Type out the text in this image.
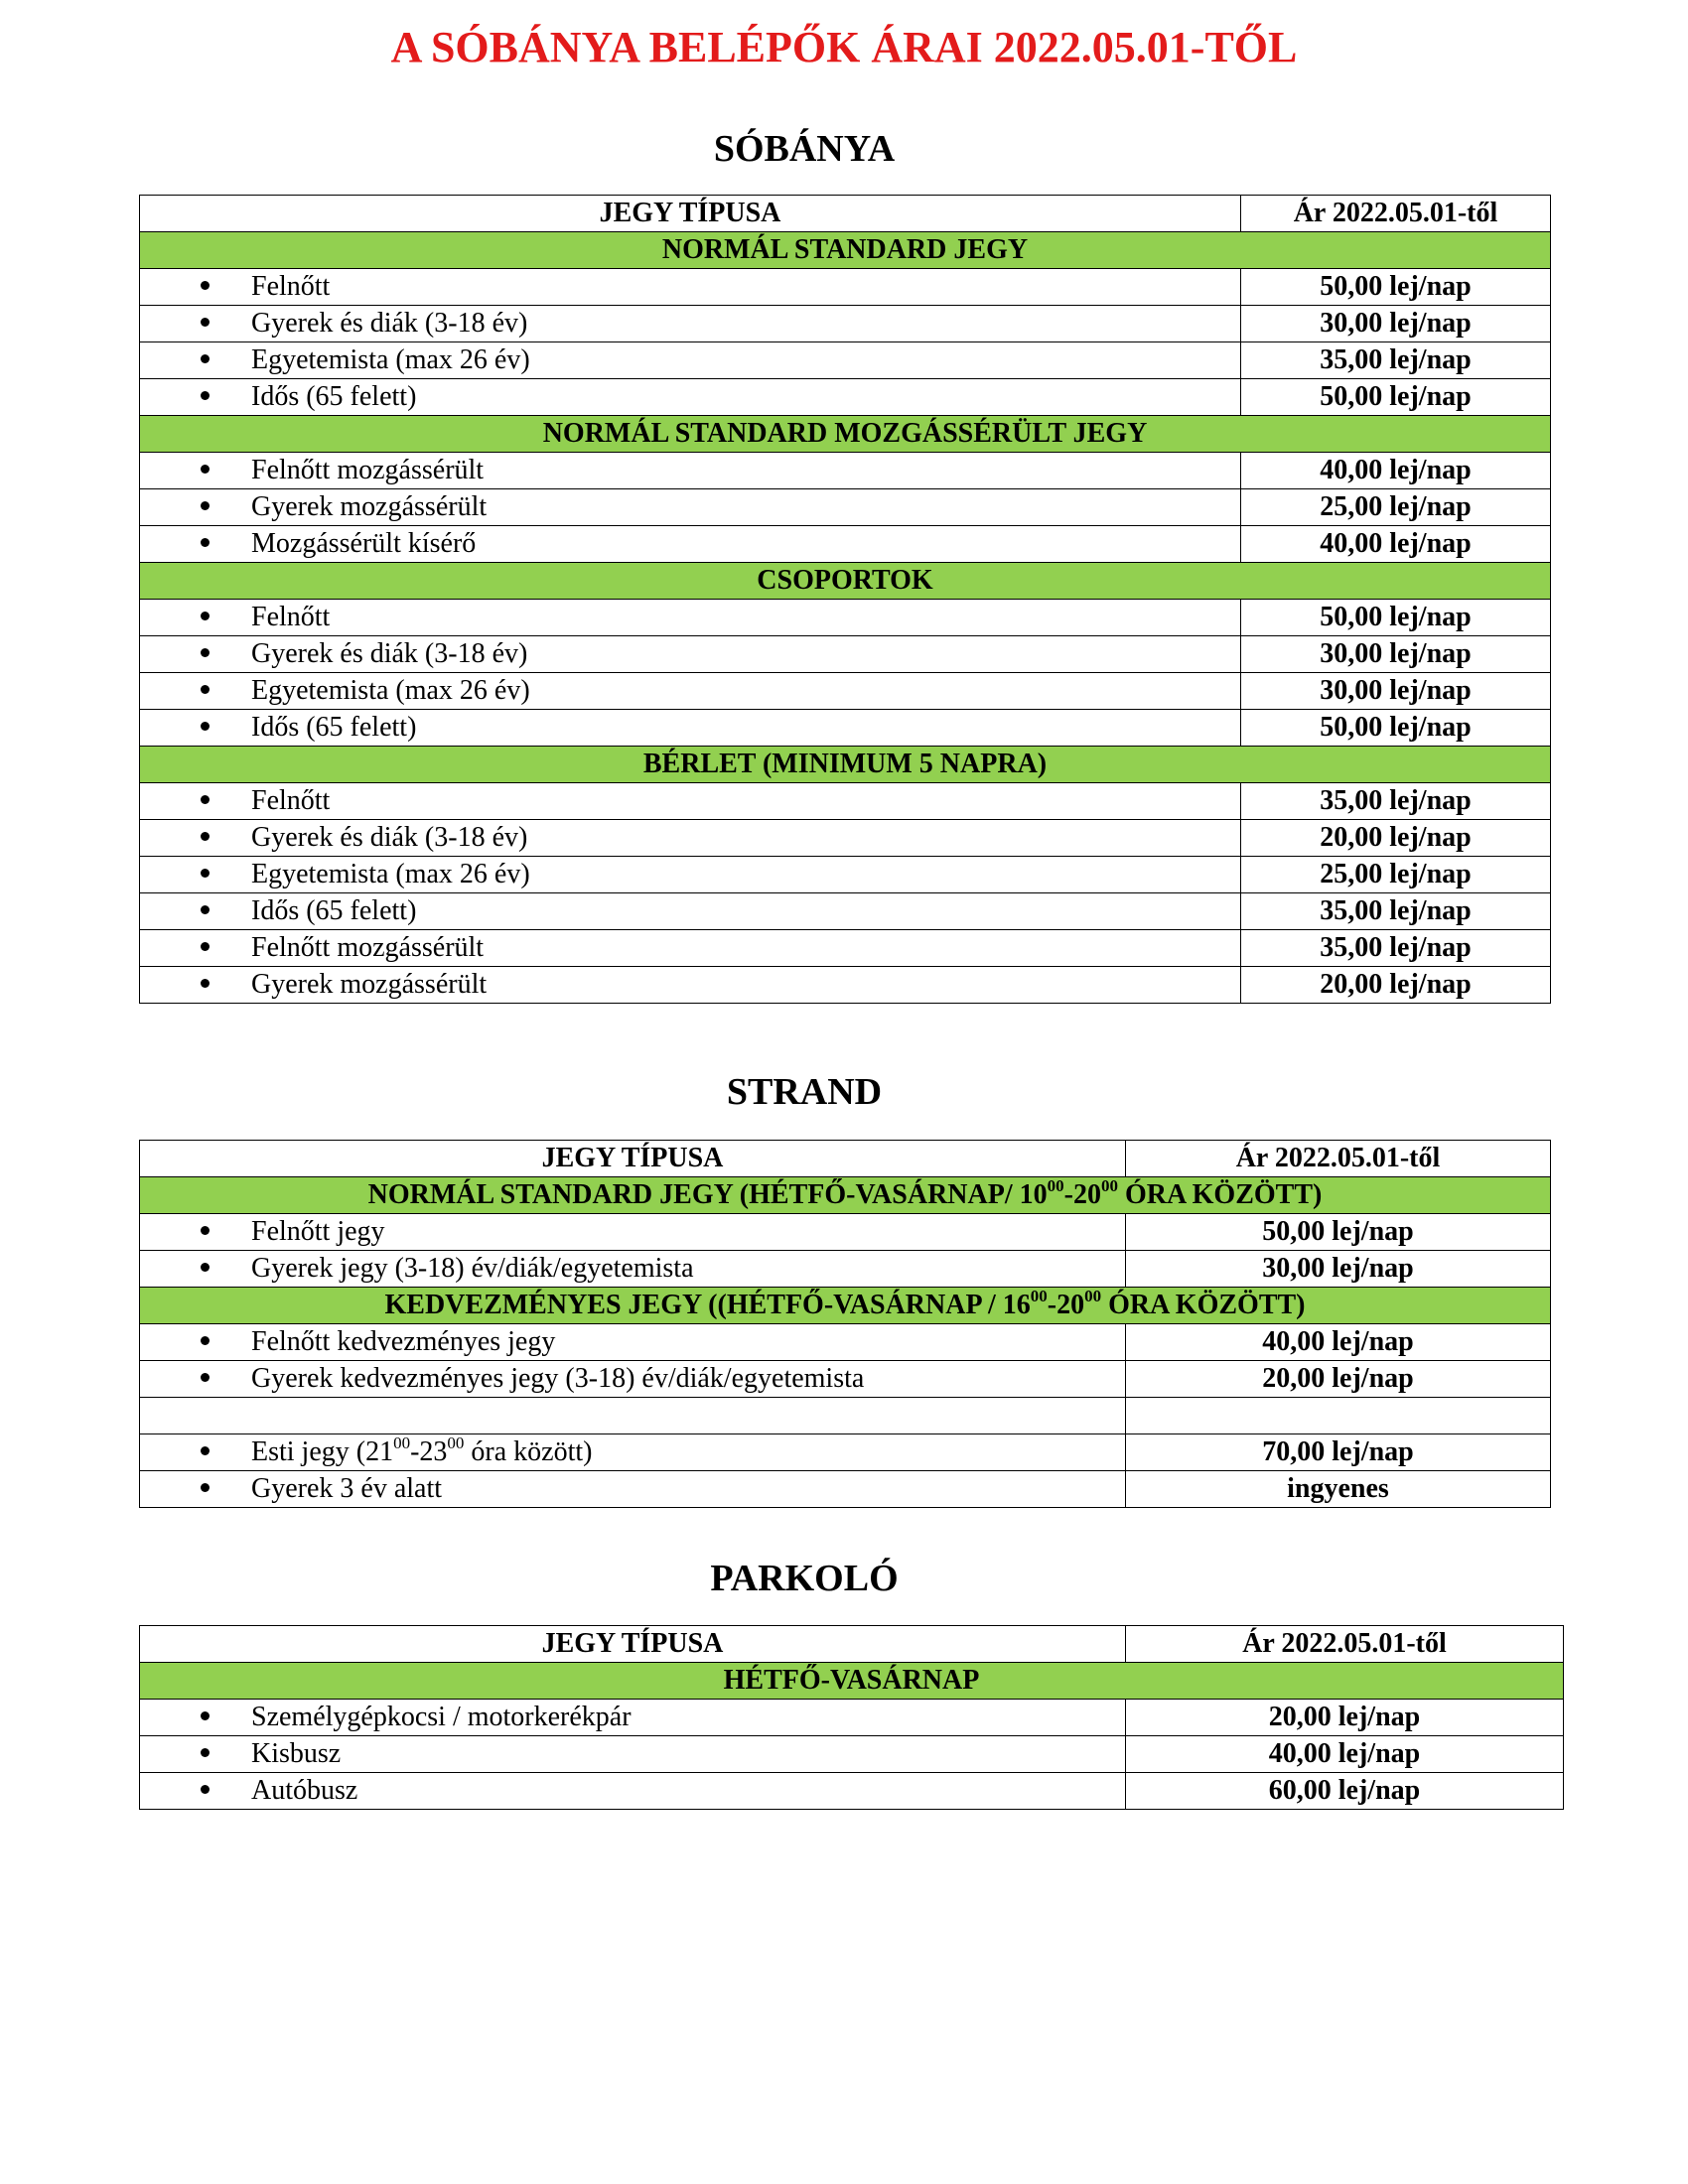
A SÓBÁNYA BELÉPŐK ÁRAI 2022.05.01-TŐL
SÓBÁNYA
JEGY TÍPUSA	Ár 2022.05.01-től
NORMÁL STANDARD JEGY	
Felnőtt	50,00 lej/nap
Gyerek és diák (3-18 év)	30,00 lej/nap
Egyetemista (max 26 év)	35,00 lej/nap
Idős (65 felett)	50,00 lej/nap
NORMÁL STANDARD MOZGÁSSÉRÜLT JEGY	
Felnőtt mozgássérült	40,00 lej/nap
Gyerek mozgássérült	25,00 lej/nap
Mozgássérült kísérő	40,00 lej/nap
CSOPORTOK	
Felnőtt	50,00 lej/nap
Gyerek és diák (3-18 év)	30,00 lej/nap
Egyetemista (max 26 év)	30,00 lej/nap
Idős (65 felett)	50,00 lej/nap
BÉRLET (MINIMUM 5 NAPRA)	
Felnőtt	35,00 lej/nap
Gyerek és diák (3-18 év)	20,00 lej/nap
Egyetemista (max 26 év)	25,00 lej/nap
Idős (65 felett)	35,00 lej/nap
Felnőtt mozgássérült	35,00 lej/nap
Gyerek mozgássérült	20,00 lej/nap
STRAND
JEGY TÍPUSA	Ár 2022.05.01-től
NORMÁL STANDARD JEGY (HÉTFŐ-VASÁRNAP/ $10^{00}-20^{00}$ ÓRA KÖZÖTT)	
Felnőtt jegy	50,00 lej/nap
Gyerek jegy (3-18) év/diák/egyetemista	30,00 lej/nap
KEDVEZMÉNYES JEGY ((HÉTFŐ-VASÁRNAP / $16^{00}-20^{00}$ ÓRA KÖZÖTT)	
Felnőtt kedvezményes jegy	40,00 lej/nap
Gyerek kedvezményes jegy (3-18) év/diák/egyetemista	20,00 lej/nap

Esti jegy ($21^{00}-23^{00}$ óra között)	70,00 lej/nap
Gyerek 3 év alatt	ingyenes
PARKOLÓ
JEGY TÍPUSA	Ár 2022.05.01-től
HÉTFŐ-VASÁRNAP	
Személygépkocsi / motorkerékpár	20,00 lej/nap
Kisbusz	40,00 lej/nap
Autóbusz	60,00 lej/nap
